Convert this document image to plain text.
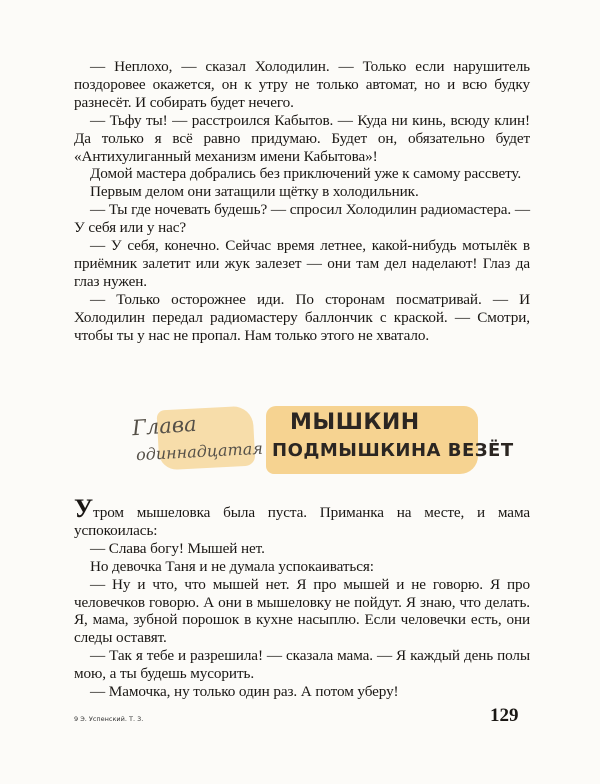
— Неплохо, — сказал Холодилин. — Только если нарушитель поздоровее окажется, он к утру не только автомат, но и всю будку разнесёт. И собирать будет нечего.

— Тьфу ты! — расстроился Кабытов. — Куда ни кинь, всюду клин! Да только я всё равно придумаю. Будет он, обязательно будет «Антихулиганный механизм имени Кабытова»!

Домой мастера добрались без приключений уже к самому рассвету.

Первым делом они затащили щётку в холодильник.

— Ты где ночевать будешь? — спросил Холодилин радиомастера. — У себя или у нас?

— У себя, конечно. Сейчас время летнее, какой-нибудь мотылёк в приёмник залетит или жук залезет — они там дел наделают! Глаз да глаз нужен.

— Только осторожнее иди. По сторонам посматривай. — И Холодилин передал радиомастеру баллончик с краской. — Смотри, чтобы ты у нас не пропал. Нам только этого не хватало.

Глава
одиннадцатая
МЫШКИН
ПОДМЫШКИНА ВЕЗЁТ

Утром мышеловка была пуста. Приманка на месте, и мама успокоилась:

— Слава богу! Мышей нет.

Но девочка Таня и не думала успокаиваться:

— Ну и что, что мышей нет. Я про мышей и не говорю. Я про человечков говорю. А они в мышеловку не пойдут. Я знаю, что делать. Я, мама, зубной порошок в кухне насыплю. Если человечки есть, они следы оставят.

— Так я тебе и разрешила! — сказала мама. — Я каждый день полы мою, а ты будешь мусорить.

— Мамочка, ну только один раз. А потом уберу!

9 Э. Успенский. Т. 3.	129
